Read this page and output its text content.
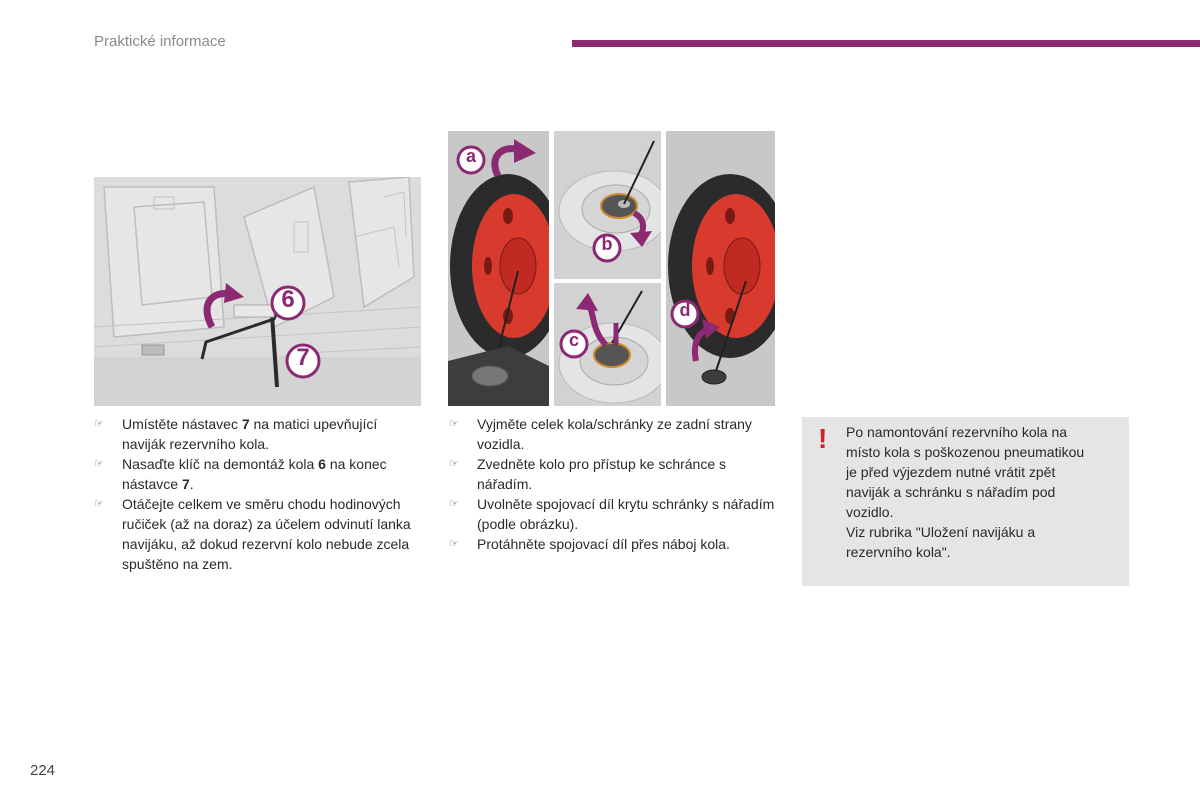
Praktické informace
6
7
a
b
c
d
☞ Umístěte nástavec 7 na matici upevňující naviják rezervního kola.
☞ Nasaďte klíč na demontáž kola 6 na konec nástavce 7.
☞ Otáčejte celkem ve směru chodu hodinových ručiček (až na doraz) za účelem odvinutí lanka navijáku, až dokud rezervní kolo nebude zcela spuštěno na zem.
☞ Vyjměte celek kola/schránky ze zadní strany vozidla.
☞ Zvedněte kolo pro přístup ke schránce s nářadím.
☞ Uvolněte spojovací díl krytu schránky s nářadím (podle obrázku).
☞ Protáhněte spojovací díl přes náboj kola.
! Po namontování rezervního kola na
místo kola s poškozenou pneumatikou
je před výjezdem nutné vrátit zpět
naviják a schránku s nářadím pod
vozidlo.
Viz rubrika "Uložení navijáku a
rezervního kola".
224
